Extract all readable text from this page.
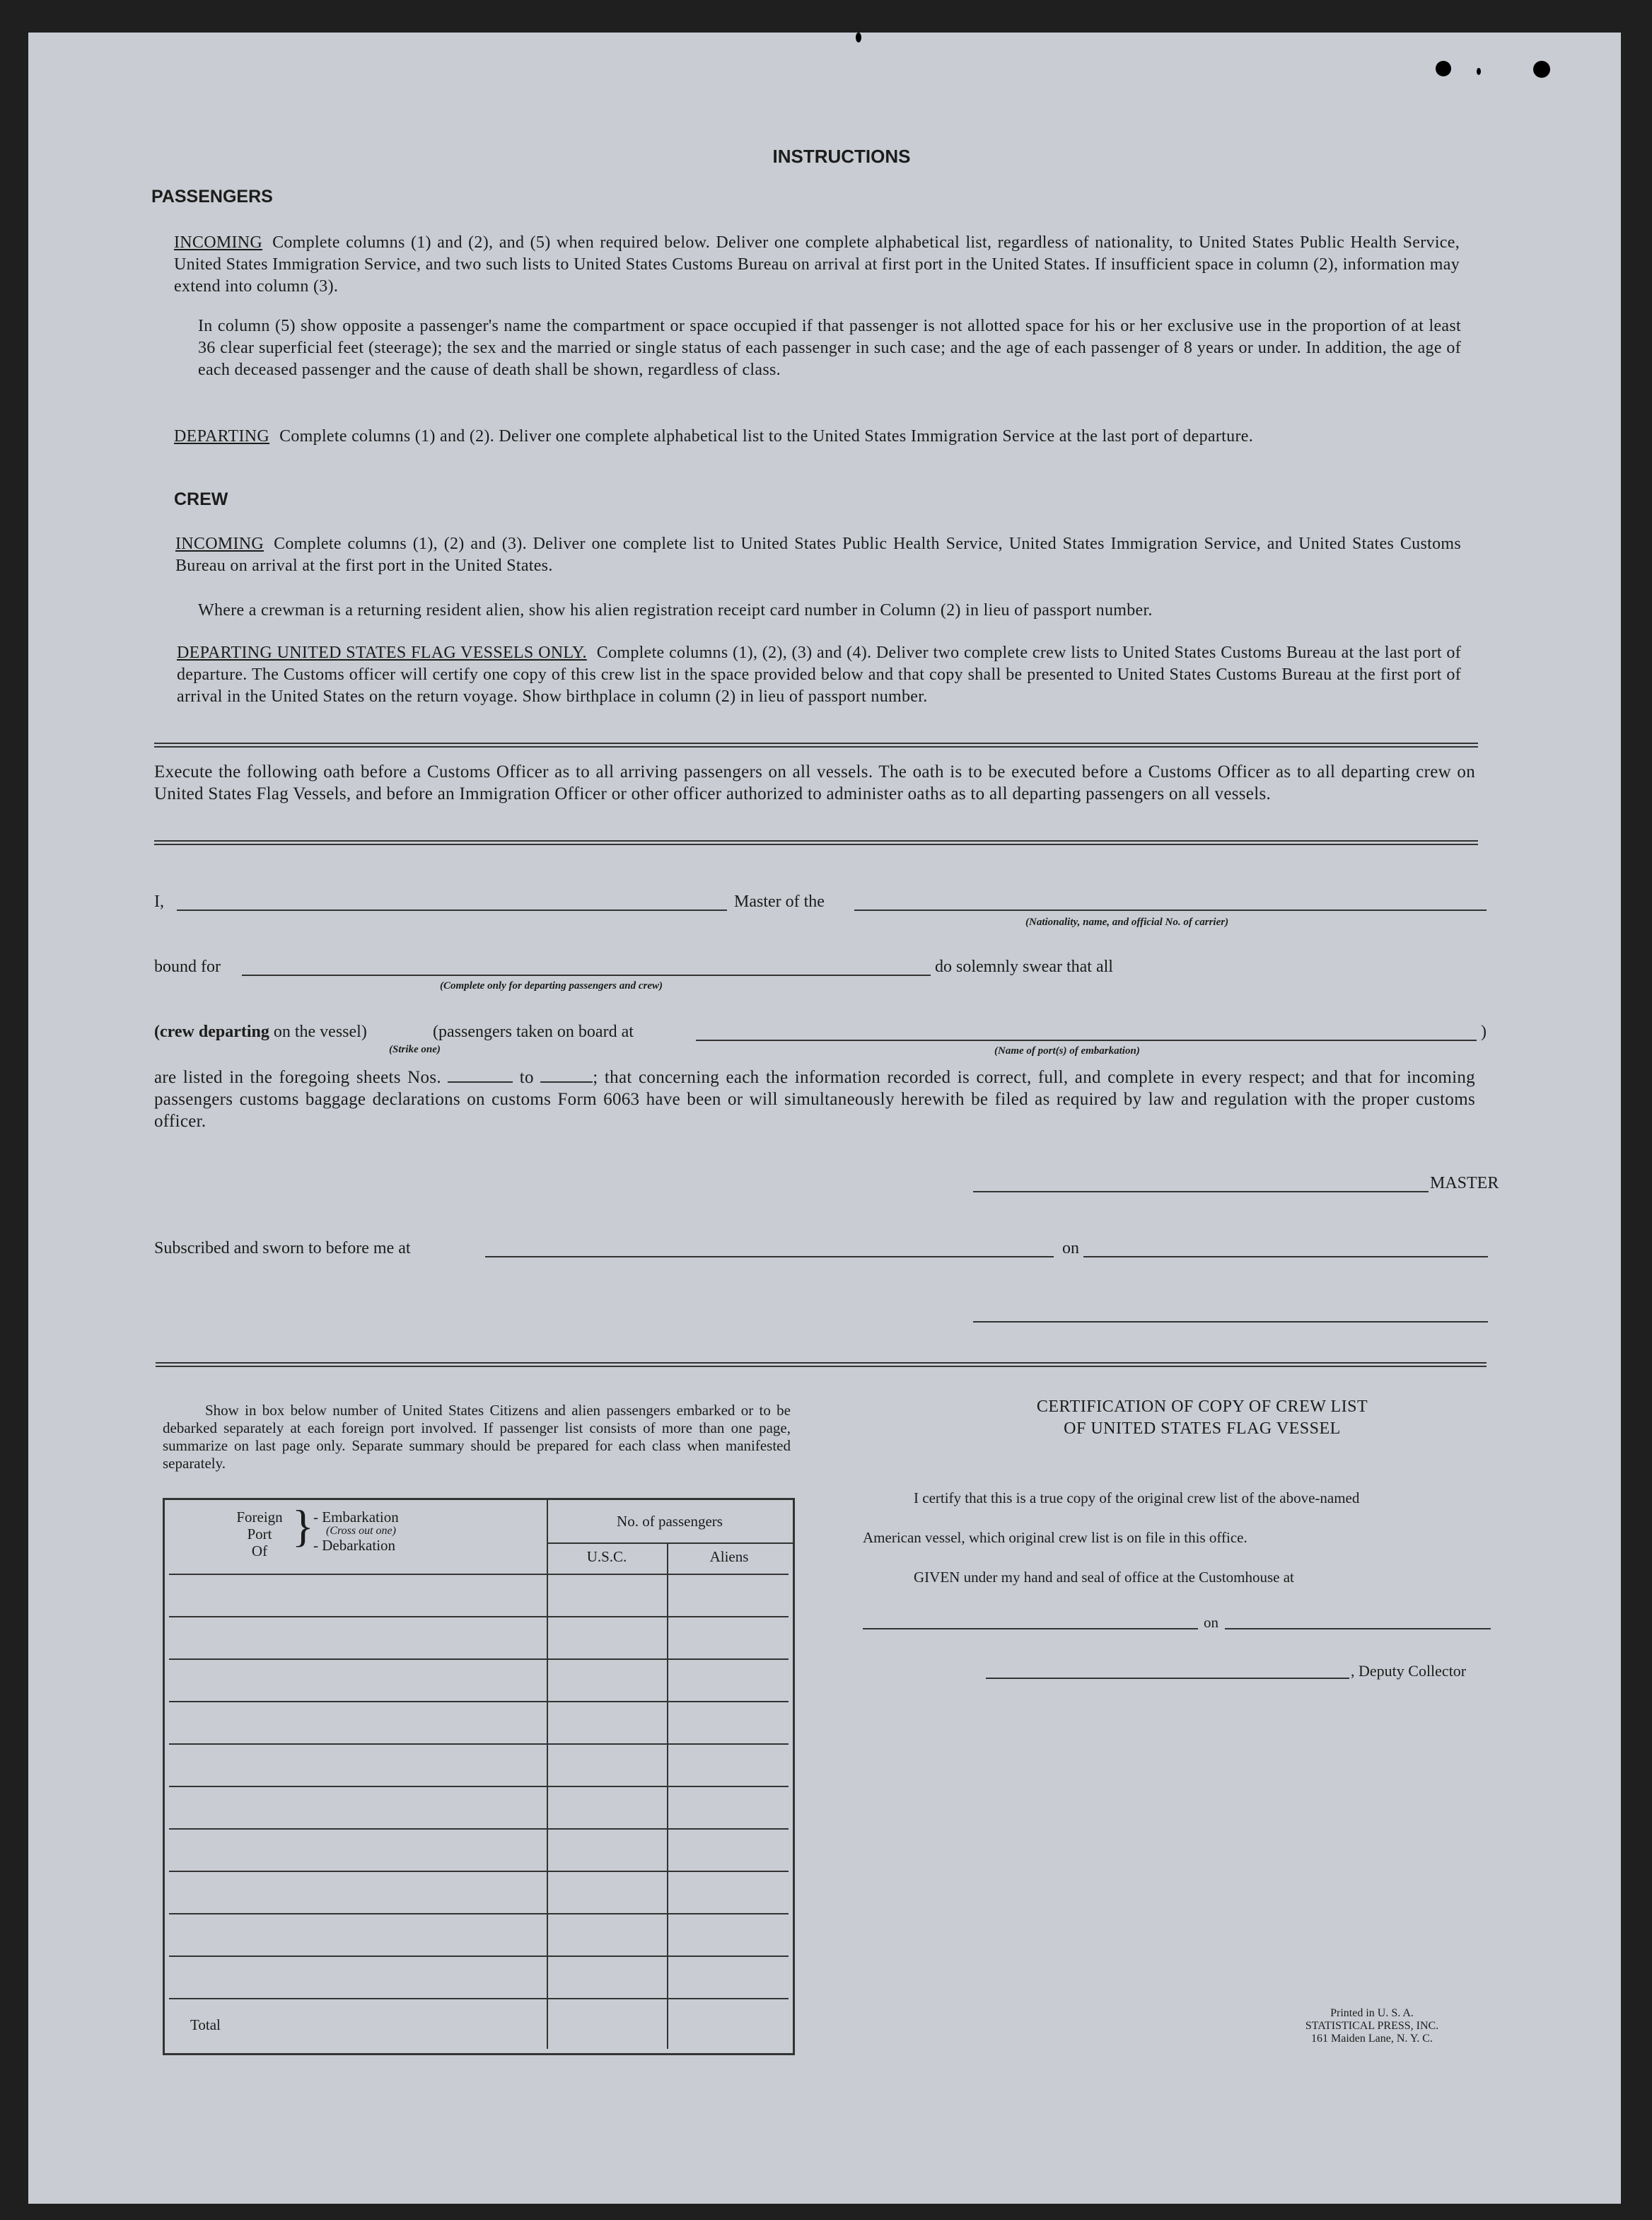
INSTRUCTIONS
PASSENGERS
INCOMING Complete columns (1) and (2), and (5) when required below. Deliver one complete alphabetical list, regardless of nationality, to United States Public Health Service, United States Immigration Service, and two such lists to United States Customs Bureau on arrival at first port in the United States. If insufficient space in column (2), information may extend into column (3).
In column (5) show opposite a passenger's name the compartment or space occupied if that passenger is not allotted space for his or her exclusive use in the proportion of at least 36 clear superficial feet (steerage); the sex and the married or single status of each passenger in such case; and the age of each passenger of 8 years or under. In addition, the age of each deceased passenger and the cause of death shall be shown, regardless of class.
DEPARTING Complete columns (1) and (2). Deliver one complete alphabetical list to the United States Immigration Service at the last port of departure.
CREW
INCOMING Complete columns (1), (2) and (3). Deliver one complete list to United States Public Health Service, United States Immigration Service, and United States Customs Bureau on arrival at the first port in the United States.
Where a crewman is a returning resident alien, show his alien registration receipt card number in Column (2) in lieu of passport number.
DEPARTING UNITED STATES FLAG VESSELS ONLY. Complete columns (1), (2), (3) and (4). Deliver two complete crew lists to United States Customs Bureau at the last port of departure. The Customs officer will certify one copy of this crew list in the space provided below and that copy shall be presented to United States Customs Bureau at the first port of arrival in the United States on the return voyage. Show birthplace in column (2) in lieu of passport number.
Execute the following oath before a Customs Officer as to all arriving passengers on all vessels. The oath is to be executed before a Customs Officer as to all departing crew on United States Flag Vessels, and before an Immigration Officer or other officer authorized to administer oaths as to all departing passengers on all vessels.
I,	Master of the
(Nationality, name, and official No. of carrier)
bound for	do solemnly swear that all
(Complete only for departing passengers and crew)
(crew departing on the vessel)	(passengers taken on board at	)
(Strike one)	(Name of port(s) of embarkation)
are listed in the foregoing sheets Nos.	to	; that concerning each the information recorded is correct, full, and complete in every respect; and that for incoming passengers customs baggage declarations on customs Form 6063 have been or will simultaneously herewith be filed as required by law and regulation with the proper customs officer.
MASTER
Subscribed and sworn to before me at	on
Show in box below number of United States Citizens and alien passengers embarked or to be debarked separately at each foreign port involved. If passenger list consists of more than one page, summarize on last page only. Separate summary should be prepared for each class when manifested separately.
Foreign
Port
Of } - Embarkation
(Cross out one)
- Debarkation
No. of passengers
U.S.C.	Aliens
Total
CERTIFICATION OF COPY OF CREW LIST
OF UNITED STATES FLAG VESSEL
I certify that this is a true copy of the original crew list of the above-named
American vessel, which original crew list is on file in this office.
GIVEN under my hand and seal of office at the Customhouse at
on
, Deputy Collector
Printed in U. S. A.
STATISTICAL PRESS, INC.
161 Maiden Lane, N. Y. C.
